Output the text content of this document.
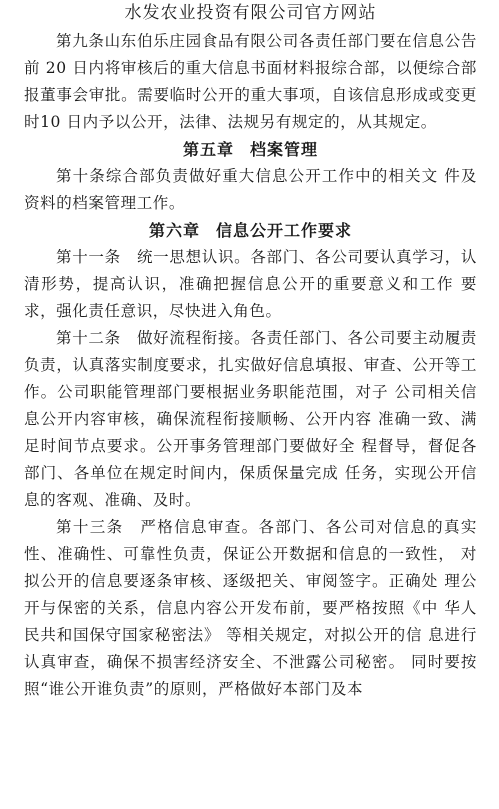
水发农业投资有限公司官方网站

第九条山东伯乐庄园食品有限公司各责任部门要在信息公告前 20 日内将审核后的重大信息书面材料报综合部，以便综合部报董事会审批。需要临时公开的重大事项，自该信息形成或变更时10 日内予以公开，法律、法规另有规定的，从其规定。

第五章 档案管理

第十条综合部负责做好重大信息公开工作中的相关文 件及资料的档案管理工作。

第六章 信息公开工作要求

第十一条　统一思想认识。各部门、各公司要认真学习，认清形势，提高认识，准确把握信息公开的重要意义和工作 要求，强化责任意识，尽快进入角色。

第十二条　做好流程衔接。各责任部门、各公司要主动履责负责，认真落实制度要求，扎实做好信息填报、审查、公开等工作。公司职能管理部门要根据业务职能范围，对子 公司相关信息公开内容审核，确保流程衔接顺畅、公开内容 准确一致、满足时间节点要求。公开事务管理部门要做好全 程督导，督促各部门、各单位在规定时间内，保质保量完成 任务，实现公开信息的客观、准确、及时。

第十三条　严格信息审查。各部门、各公司对信息的真实性、准确性、可靠性负责，保证公开数据和信息的一致性， 对拟公开的信息要逐条审核、逐级把关、审阅签字。正确处 理公开与保密的关系，信息内容公开发布前，要严格按照《中 华人民共和国保守国家秘密法》 等相关规定，对拟公开的信 息进行认真审查，确保不损害经济安全、不泄露公司秘密。 同时要按照“谁公开谁负责”的原则，严格做好本部门及本
